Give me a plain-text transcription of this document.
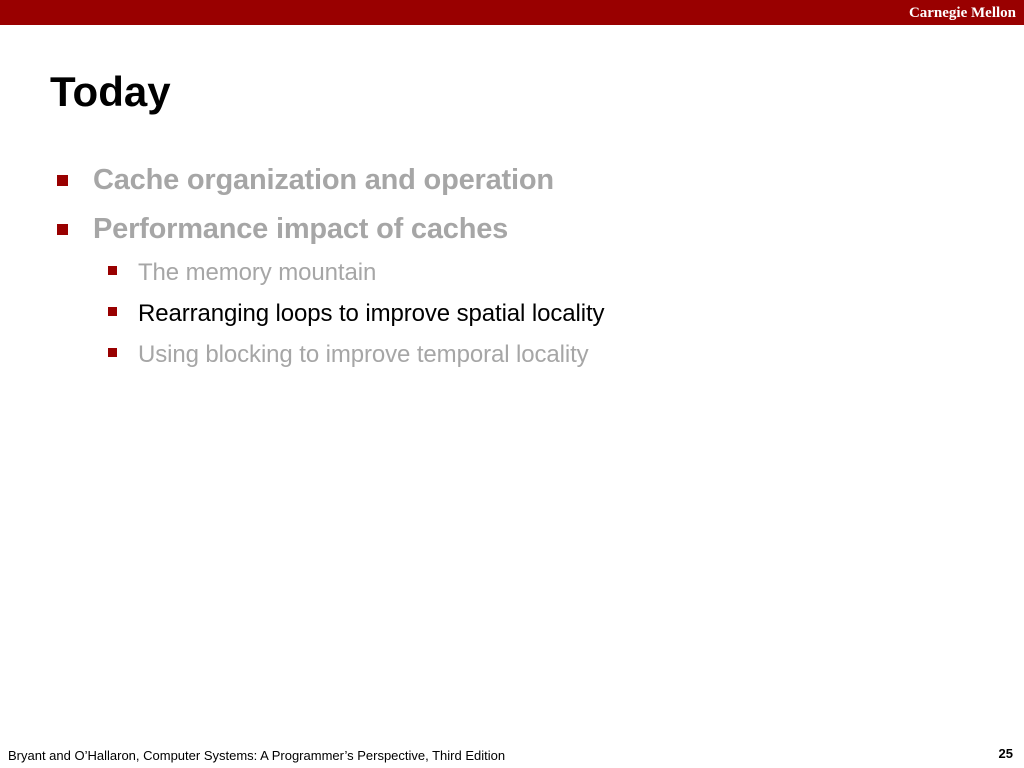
Carnegie Mellon
Today
Cache organization and operation
Performance impact of caches
The memory mountain
Rearranging loops to improve spatial locality
Using blocking to improve temporal locality
Bryant and O’Hallaron, Computer Systems: A Programmer’s Perspective, Third Edition	25
